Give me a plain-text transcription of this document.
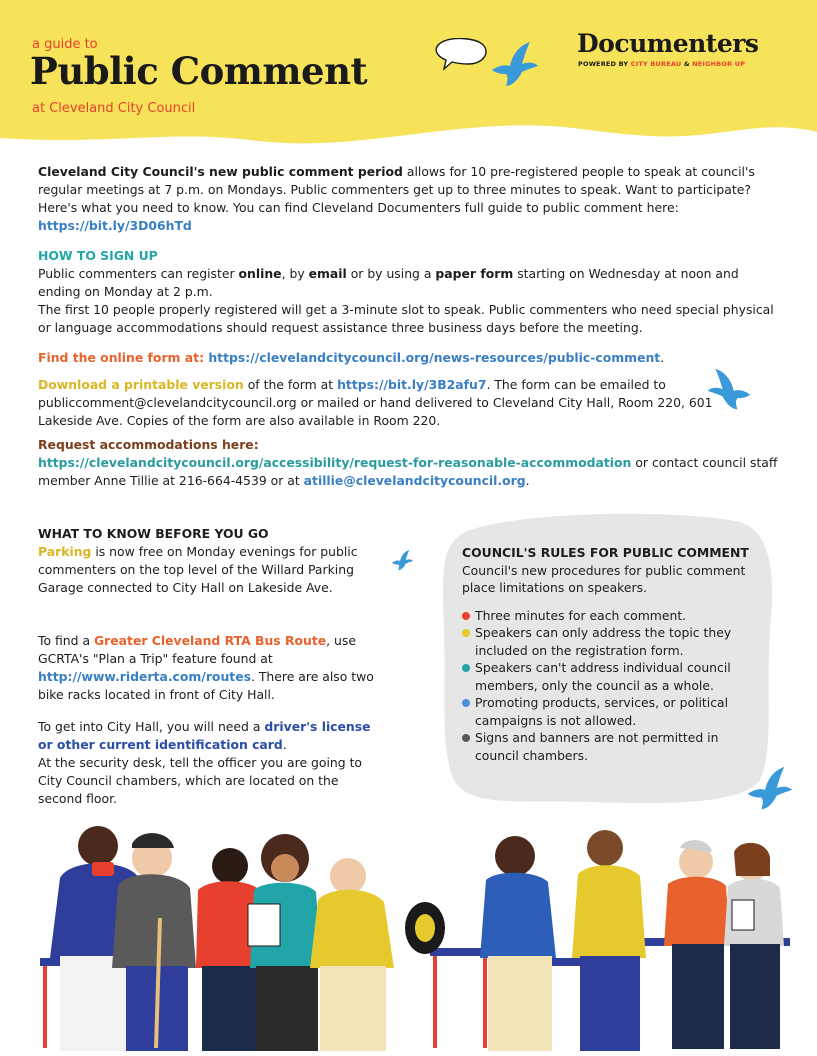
a guide to
Public Comment
at Cleveland City Council
Documenters
POWERED BY CITY BUREAU & NEIGHBOR UP
Cleveland City Council's new public comment period allows for 10 pre-registered people to speak at council's regular meetings at 7 p.m. on Mondays. Public commenters get up to three minutes to speak. Want to participate? Here's what you need to know. You can find Cleveland Documenters full guide to public comment here: https://bit.ly/3D06hTd
HOW TO SIGN UP
Public commenters can register online, by email or by using a paper form starting on Wednesday at noon and ending on Monday at 2 p.m.
The first 10 people properly registered will get a 3-minute slot to speak. Public commenters who need special physical or language accommodations should request assistance three business days before the meeting.
Find the online form at: https://clevelandcitycouncil.org/news-resources/public-comment.
Download a printable version of the form at https://bit.ly/3B2afu7. The form can be emailed to publiccomment@clevelandcitycouncil.org or mailed or hand delivered to Cleveland City Hall, Room 220, 601 Lakeside Ave. Copies of the form are also available in Room 220.
Request accommodations here:
https://clevelandcitycouncil.org/accessibility/request-for-reasonable-accommodation or contact council staff member Anne Tillie at 216-664-4539 or at atillie@clevelandcitycouncil.org.
WHAT TO KNOW BEFORE YOU GO
Parking is now free on Monday evenings for public commenters on the top level of the Willard Parking Garage connected to City Hall on Lakeside Ave.
To find a Greater Cleveland RTA Bus Route, use GCRTA's "Plan a Trip" feature found at http://www.riderta.com/routes. There are also two bike racks located in front of City Hall.
To get into City Hall, you will need a driver's license or other current identification card.
At the security desk, tell the officer you are going to City Council chambers, which are located on the second floor.
COUNCIL'S RULES FOR PUBLIC COMMENT
Council's new procedures for public comment place limitations on speakers.
Three minutes for each comment.
Speakers can only address the topic they included on the registration form.
Speakers can't address individual council members, only the council as a whole.
Promoting products, services, or political campaigns is not allowed.
Signs and banners are not permitted in council chambers.
